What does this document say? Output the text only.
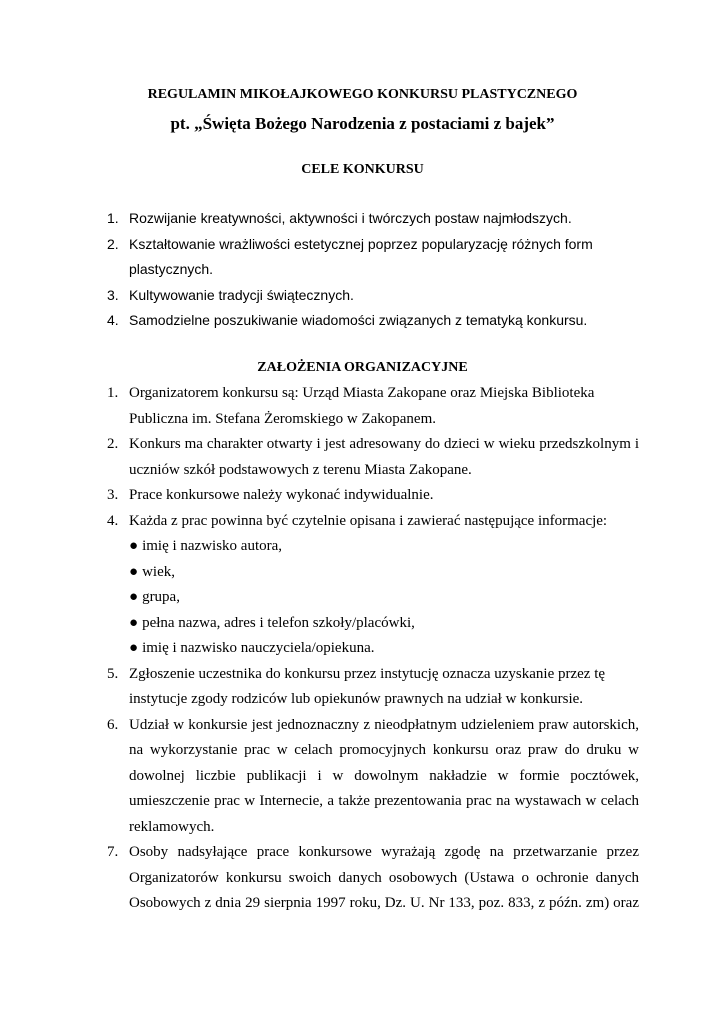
REGULAMIN MIKOŁAJKOWEGO KONKURSU PLASTYCZNEGO
pt. „Święta Bożego Narodzenia z postaciami z bajek”
CELE KONKURSU
1. Rozwijanie kreatywności, aktywności i twórczych postaw najmłodszych.
2. Kształtowanie wrażliwości estetycznej poprzez popularyzację różnych form
plastycznych.
3. Kultywowanie tradycji świątecznych.
4. Samodzielne poszukiwanie wiadomości związanych z tematyką konkursu.
ZAŁOŻENIA ORGANIZACYJNE
1. Organizatorem konkursu są: Urząd Miasta Zakopane oraz Miejska Biblioteka
Publiczna im. Stefana Żeromskiego w Zakopanem.
2. Konkurs ma charakter otwarty i jest adresowany do dzieci w wieku przedszkolnym i
uczniów szkół podstawowych z terenu Miasta Zakopane.
3. Prace konkursowe należy wykonać indywidualnie.
4. Każda z prac powinna być czytelnie opisana i zawierać następujące informacje:
● imię i nazwisko autora,
● wiek,
● grupa,
● pełna nazwa, adres i telefon szkoły/placówki,
● imię i nazwisko nauczyciela/opiekuna.
5. Zgłoszenie uczestnika do konkursu przez instytucję oznacza uzyskanie przez tę
instytucje zgody rodziców lub opiekunów prawnych na udział w konkursie.
6. Udział w konkursie jest jednoznaczny z nieodpłatnym udzieleniem praw autorskich,
na wykorzystanie prac w celach promocyjnych konkursu oraz praw do druku w
dowolnej liczbie publikacji i w dowolnym nakładzie w formie pocztówek,
umieszczenie prac w Internecie, a także prezentowania prac na wystawach w celach
reklamowych.
7. Osoby nadsyłające prace konkursowe wyrażają zgodę na przetwarzanie przez
Organizatorów konkursu swoich danych osobowych (Ustawa o ochronie danych
Osobowych z dnia 29 sierpnia 1997 roku, Dz. U. Nr 133, poz. 833, z późn. zm) oraz
